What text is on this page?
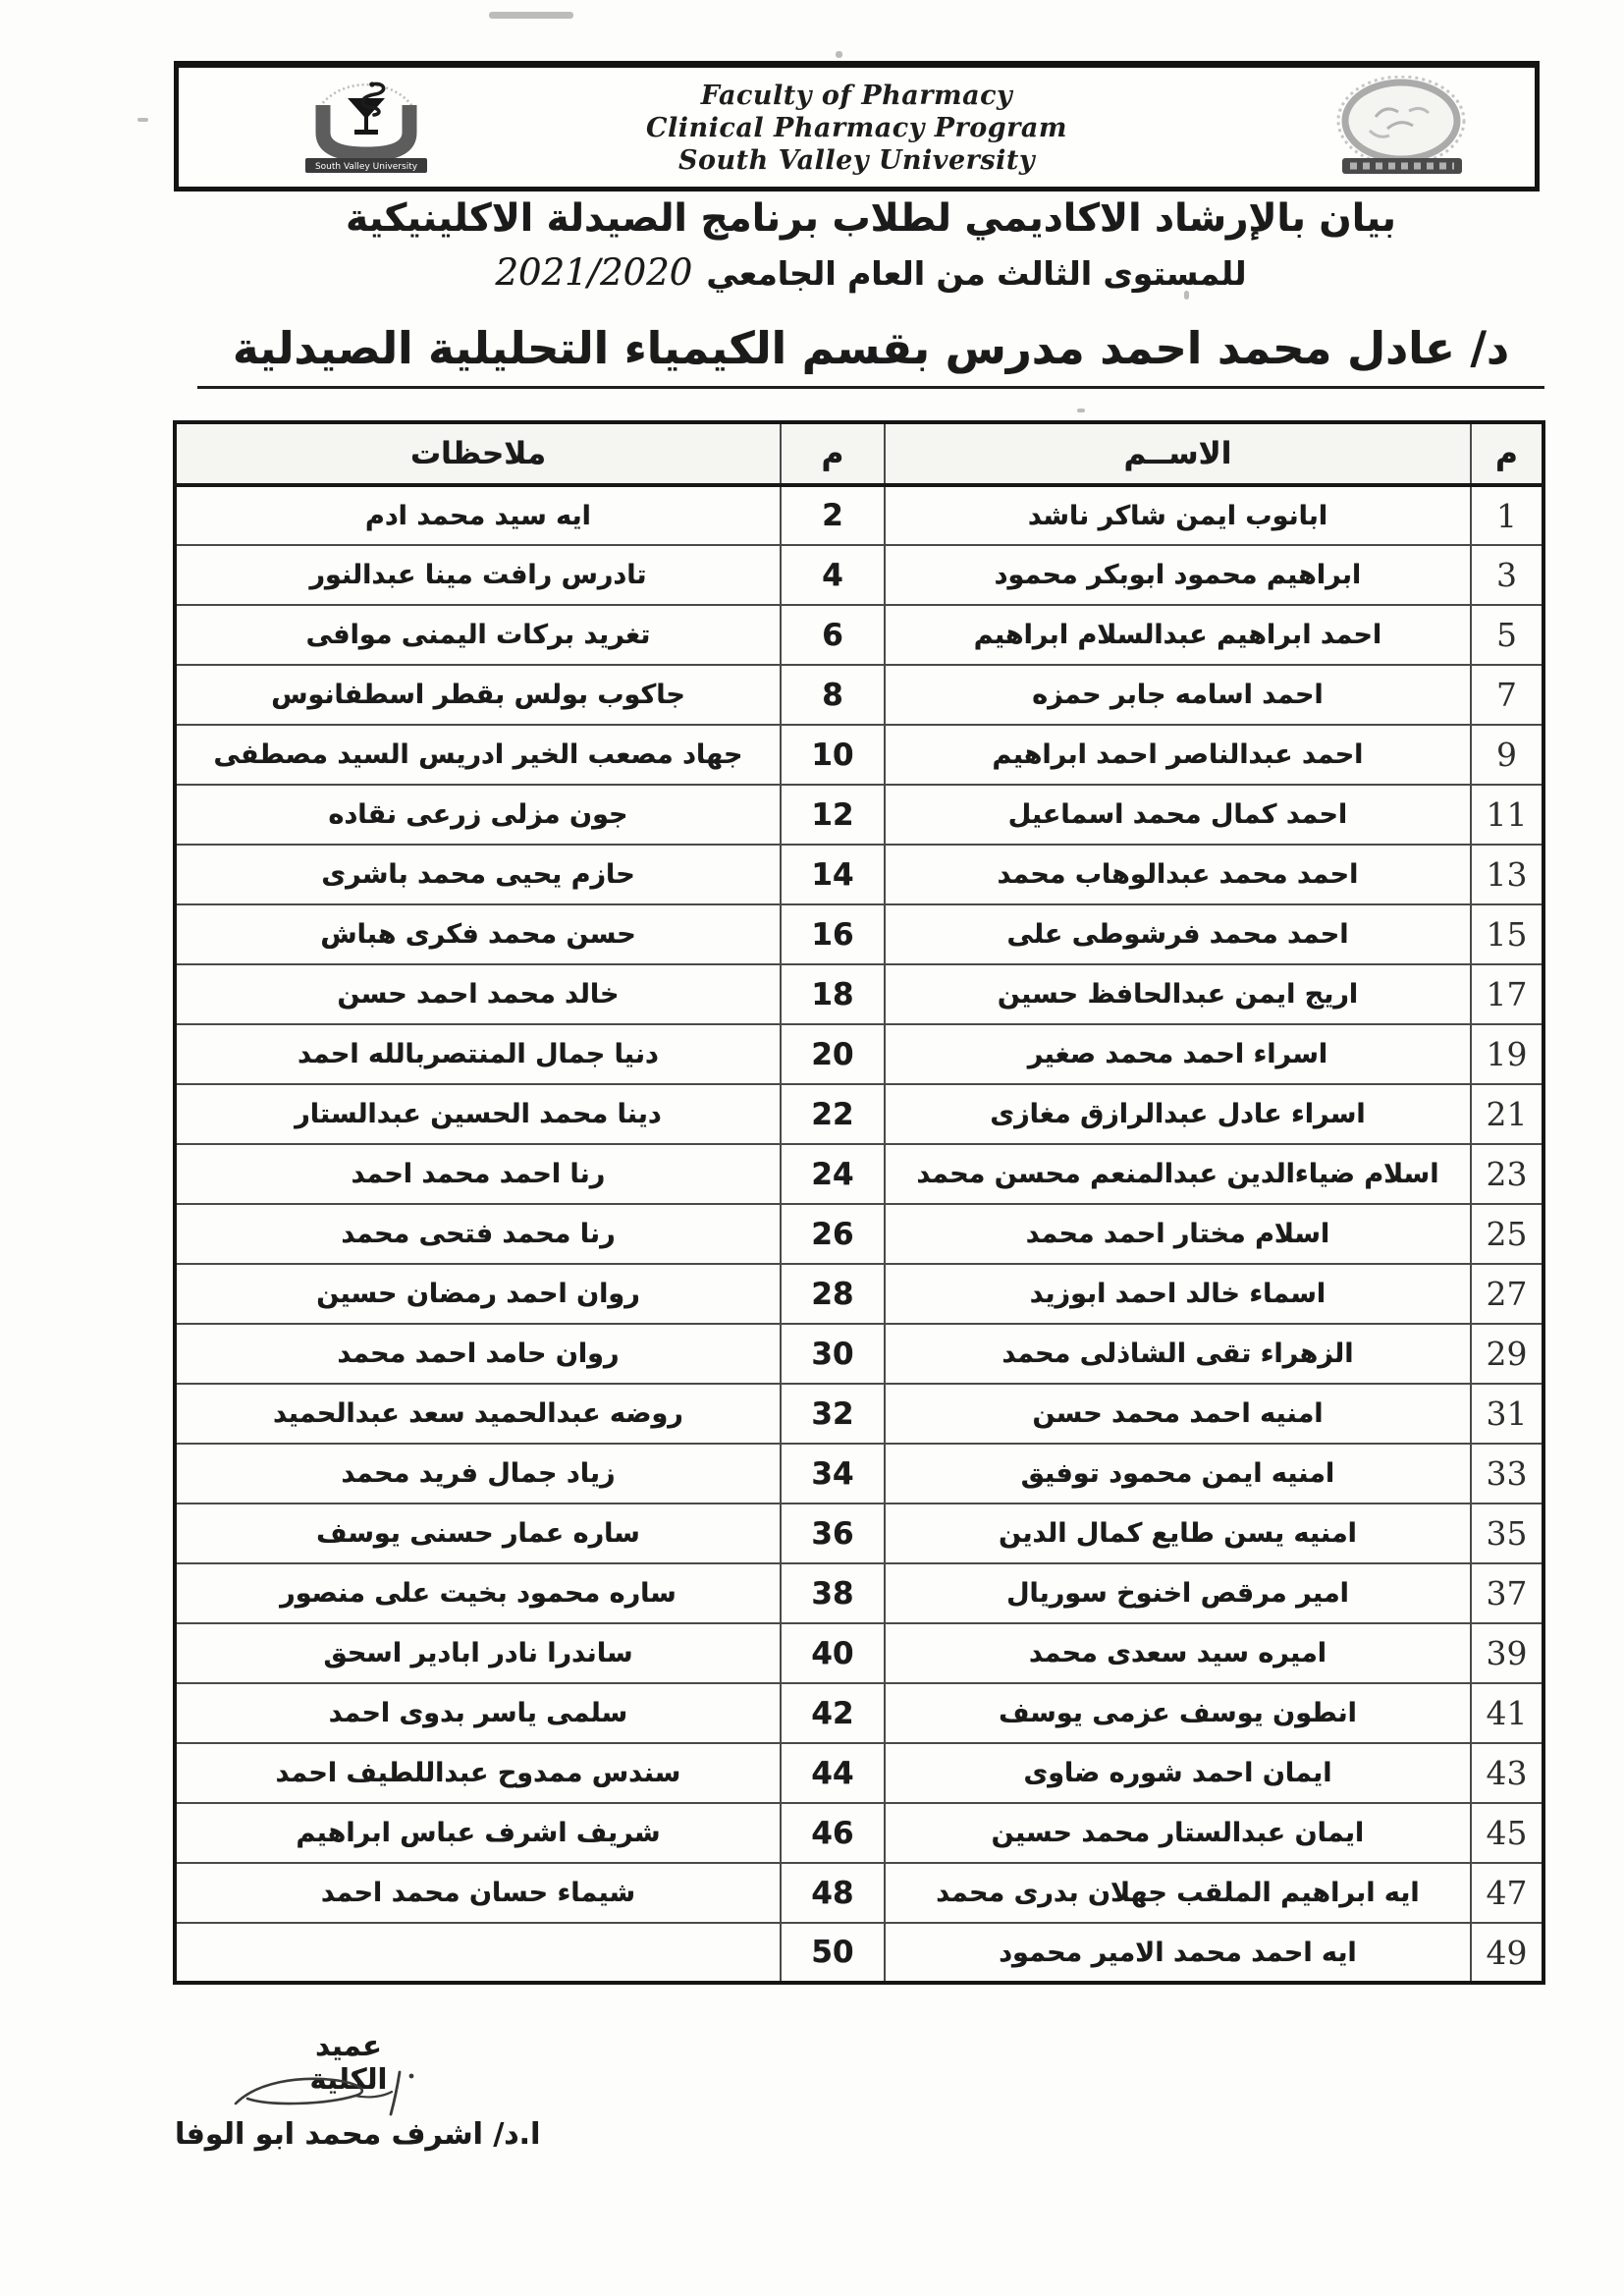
South Valley University
Faculty of Pharmacy
Clinical Pharmacy Program
South Valley University
بيان بالإرشاد الاكاديمي لطلاب برنامج الصيدلة الاكلينيكية
للمستوى الثالث من العام الجامعي2021/2020
د/ عادل محمد احمد مدرس بقسم الكيمياء التحليلية الصيدلية
م	الاســم	م	ملاحظات
1	ابانوب ايمن شاكر ناشد	2	ايه سيد محمد ادم
3	ابراهيم محمود ابوبكر محمود	4	تادرس رافت مينا عبدالنور
5	احمد ابراهيم عبدالسلام ابراهيم	6	تغريد بركات اليمنى موافى
7	احمد اسامه جابر حمزه	8	جاكوب بولس بقطر اسطفانوس
9	احمد عبدالناصر احمد ابراهيم	10	جهاد مصعب الخير ادريس السيد مصطفى
11	احمد كمال محمد اسماعيل	12	جون مزلى زرعى نقاده
13	احمد محمد عبدالوهاب محمد	14	حازم يحيى محمد باشرى
15	احمد محمد فرشوطى على	16	حسن محمد فكرى هباش
17	اريج ايمن عبدالحافظ حسين	18	خالد محمد احمد حسن
19	اسراء احمد محمد صغير	20	دنيا جمال المنتصربالله احمد
21	اسراء عادل عبدالرازق مغازى	22	دينا محمد الحسين عبدالستار
23	اسلام ضياءالدين عبدالمنعم محسن محمد	24	رنا احمد محمد احمد
25	اسلام مختار احمد محمد	26	رنا محمد فتحى محمد
27	اسماء خالد احمد ابوزيد	28	روان احمد رمضان حسين
29	الزهراء تقى الشاذلى محمد	30	روان حامد احمد محمد
31	امنيه احمد محمد حسن	32	روضه عبدالحميد سعد عبدالحميد
33	امنيه ايمن محمود توفيق	34	زياد جمال فريد محمد
35	امنيه يسن طايع كمال الدين	36	ساره عمار حسنى يوسف
37	امير مرقص اخنوخ سوريال	38	ساره محمود بخيت على منصور
39	اميره سيد سعدى محمد	40	ساندرا نادر ابادير اسحق
41	انطون يوسف عزمى يوسف	42	سلمى ياسر بدوى احمد
43	ايمان احمد شوره ضاوى	44	سندس ممدوح عبداللطيف احمد
45	ايمان عبدالستار محمد حسين	46	شريف اشرف عباس ابراهيم
47	ايه ابراهيم الملقب جهلان بدرى محمد	48	شيماء حسان محمد احمد
49	ايه احمد محمد الامير محمود	50	
عميد الكلية
ا.د/ اشرف محمد ابو الوفا
